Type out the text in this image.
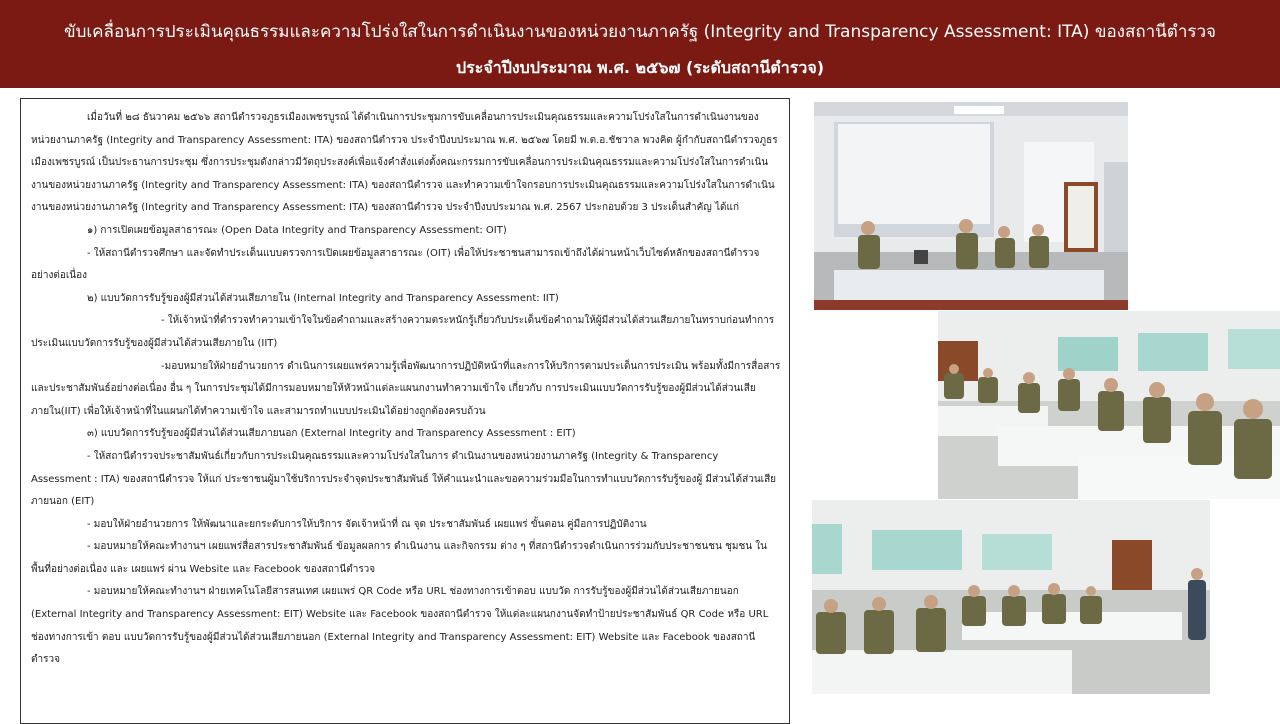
ขับเคลื่อนการประเมินคุณธรรมและความโปร่งใสในการดำเนินงานของหน่วยงานภาครัฐ (Integrity and Transparency Assessment: ITA) ของสถานีตำรวจ
ประจำปีงบประมาณ พ.ศ. ๒๕๖๗ (ระดับสถานีตำรวจ)

เมื่อวันที่ ๒๘ ธันวาคม ๒๕๖๖ สถานีตำรวจภูธรเมืองเพชรบูรณ์ ได้ดำเนินการประชุมการขับเคลื่อนการประเมินคุณธรรมและความโปร่งใสในการดำเนินงานของหน่วยงานภาครัฐ (Integrity and Transparency Assessment: ITA) ของสถานีตำรวจ ประจำปีงบประมาณ พ.ศ. ๒๕๖๗ โดยมี พ.ต.อ.ชัชวาล พวงคิด ผู้กำกับสถานีตำรวจภูธรเมืองเพชรบูรณ์ เป็นประธานการประชุม ซึ่งการประชุมดังกล่าวมีวัตถุประสงค์เพื่อแจ้งคำสั่งแต่งตั้งคณะกรรมการขับเคลื่อนการประเมินคุณธรรมและความโปร่งใสในการดำเนินงานของหน่วยงานภาครัฐ (Integrity and Transparency Assessment: ITA) ของสถานีตำรวจ และทำความเข้าใจกรอบการประเมินคุณธรรมและความโปร่งใสในการดำเนินงานของหน่วยงานภาครัฐ (Integrity and Transparency Assessment: ITA) ของสถานีตำรวจ ประจำปีงบประมาณ พ.ศ. 2567 ประกอบด้วย 3 ประเด็นสำคัญ ได้แก่

๑) การเปิดเผยข้อมูลสาธารณะ (Open Data Integrity and Transparency Assessment: OIT)

- ให้สถานีตำรวจศึกษา และจัดทำประเด็นแบบตรวจการเปิดเผยข้อมูลสาธารณะ (OIT) เพื่อให้ประชาชนสามารถเข้าถึงได้ผ่านหน้าเว็บไซต์หลักของสถานีตำรวจ อย่างต่อเนื่อง

๒) แบบวัดการรับรู้ของผู้มีส่วนได้ส่วนเสียภายใน (Internal Integrity and Transparency Assessment: IIT)

- ให้เจ้าหน้าที่ตำรวจทำความเข้าใจในข้อคำถามและสร้างความตระหนักรู้เกี่ยวกับประเด็นข้อคำถามให้ผู้มีส่วนได้ส่วนเสียภายในทราบก่อนทำการประเมินแบบวัดการรับรู้ของผู้มีส่วนได้ส่วนเสียภายใน (IIT)

-มอบหมายให้ฝ่ายอำนวยการ ดำเนินการเผยแพร่ความรู้เพื่อพัฒนาการปฏิบัติหน้าที่และการให้บริการตามประเด็นการประเมิน พร้อมทั้งมีการสื่อสารและประชาสัมพันธ์อย่างต่อเนื่อง อื่น ๆ ในการประชุมได้มีการมอบหมายให้หัวหน้าแต่ละแผนกงานทำความเข้าใจ เกี่ยวกับ การประเมินแบบวัดการรับรู้ของผู้มีส่วนได้ส่วนเสียภายใน(IIT) เพื่อให้เจ้าหน้าที่ในแผนกได้ทำความเข้าใจ และสามารถทำแบบประเมินได้อย่างถูกต้องครบถ้วน

๓) แบบวัดการรับรู้ของผู้มีส่วนได้ส่วนเสียภายนอก (External Integrity and Transparency Assessment : EIT)

- ให้สถานีตำรวจประชาสัมพันธ์เกี่ยวกับการประเมินคุณธรรมและความโปร่งใสในการ ดำเนินงานของหน่วยงานภาครัฐ (Integrity & Transparency Assessment : ITA) ของสถานีตำรวจ ให้แก่ ประชาชนผู้มาใช้บริการประจำจุดประชาสัมพันธ์ ให้คำแนะนำและขอความร่วมมือในการทำแบบวัดการรับรู้ของผู้ มีส่วนได้ส่วนเสียภายนอก (EIT)

- มอบให้ฝ่ายอำนวยการ ให้พัฒนาและยกระดับการให้บริการ จัดเจ้าหน้าที่ ณ จุด ประชาสัมพันธ์ เผยแพร่ ขั้นตอน คู่มือการปฏิบัติงาน

- มอบหมายให้คณะทำงานฯ เผยแพร่สื่อสารประชาสัมพันธ์ ข้อมูลผลการ ดำเนินงาน และกิจกรรม ต่าง ๆ ที่สถานีตำรวจดำเนินการร่วมกับประชาชนชน ชุมชน ในพื้นที่อย่างต่อเนื่อง และ เผยแพร่ ผ่าน Website และ Facebook ของสถานีตำรวจ

- มอบหมายให้คณะทำงานฯ ฝ่ายเทคโนโลยีสารสนเทศ เผยแพร่ QR Code หรือ URL ช่องทางการเข้าตอบ แบบวัด การรับรู้ของผู้มีส่วนได้ส่วนเสียภายนอก (External Integrity and Transparency Assessment: EIT) Website และ Facebook ของสถานีตำรวจ ให้แต่ละแผนกงานจัดทำป้ายประชาสัมพันธ์ QR Code หรือ URL ช่องทางการเข้า ตอบ แบบวัดการรับรู้ของผู้มีส่วนได้ส่วนเสียภายนอก (External Integrity and Transparency Assessment: EIT) Website และ Facebook ของสถานีตำรวจ
